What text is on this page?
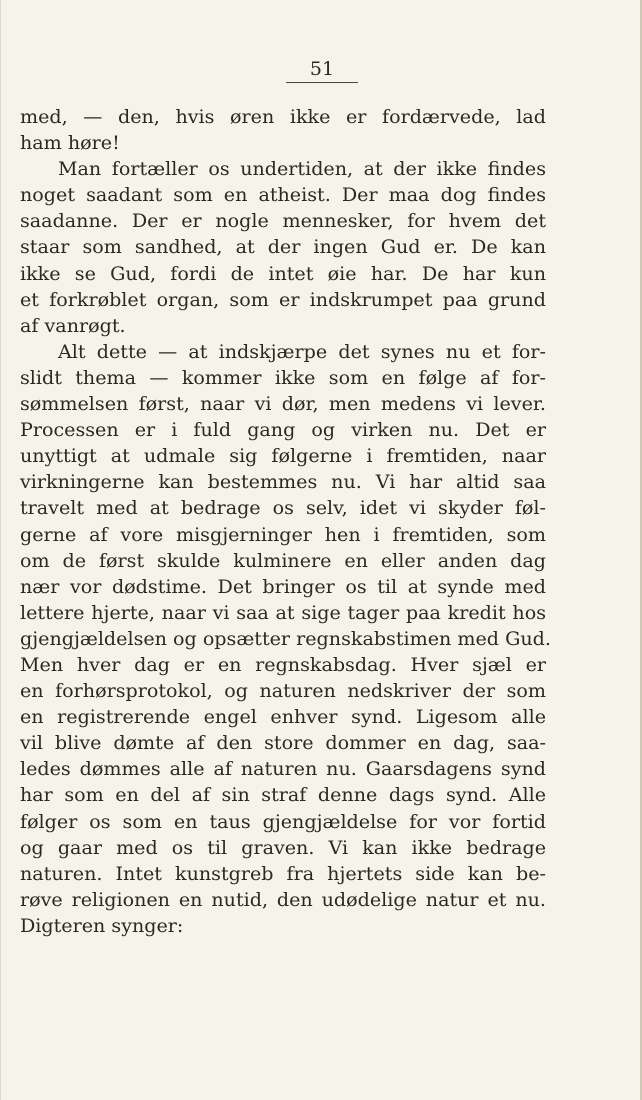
51
med, — den, hvis øren ikke er fordærvede, lad
ham høre!
Man fortæller os undertiden, at der ikke findes
noget saadant som en atheist. Der maa dog findes
saadanne. Der er nogle mennesker, for hvem det
staar som sandhed, at der ingen Gud er. De kan
ikke se Gud, fordi de intet øie har. De har kun
et forkrøblet organ, som er indskrumpet paa grund
af vanrøgt.
Alt dette — at indskjærpe det synes nu et for-
slidt thema — kommer ikke som en følge af for-
sømmelsen først, naar vi dør, men medens vi lever.
Processen er i fuld gang og virken nu. Det er
unyttigt at udmale sig følgerne i fremtiden, naar
virkningerne kan bestemmes nu. Vi har altid saa
travelt med at bedrage os selv, idet vi skyder føl-
gerne af vore misgjerninger hen i fremtiden, som
om de først skulde kulminere en eller anden dag
nær vor dødstime. Det bringer os til at synde med
lettere hjerte, naar vi saa at sige tager paa kredit hos
gjengjældelsen og opsætter regnskabstimen med Gud.
Men hver dag er en regnskabsdag. Hver sjæl er
en forhørsprotokol, og naturen nedskriver der som
en registrerende engel enhver synd. Ligesom alle
vil blive dømte af den store dommer en dag, saa-
ledes dømmes alle af naturen nu. Gaarsdagens synd
har som en del af sin straf denne dags synd. Alle
følger os som en taus gjengjældelse for vor fortid
og gaar med os til graven. Vi kan ikke bedrage
naturen. Intet kunstgreb fra hjertets side kan be-
røve religionen en nutid, den udødelige natur et nu.
Digteren synger:
